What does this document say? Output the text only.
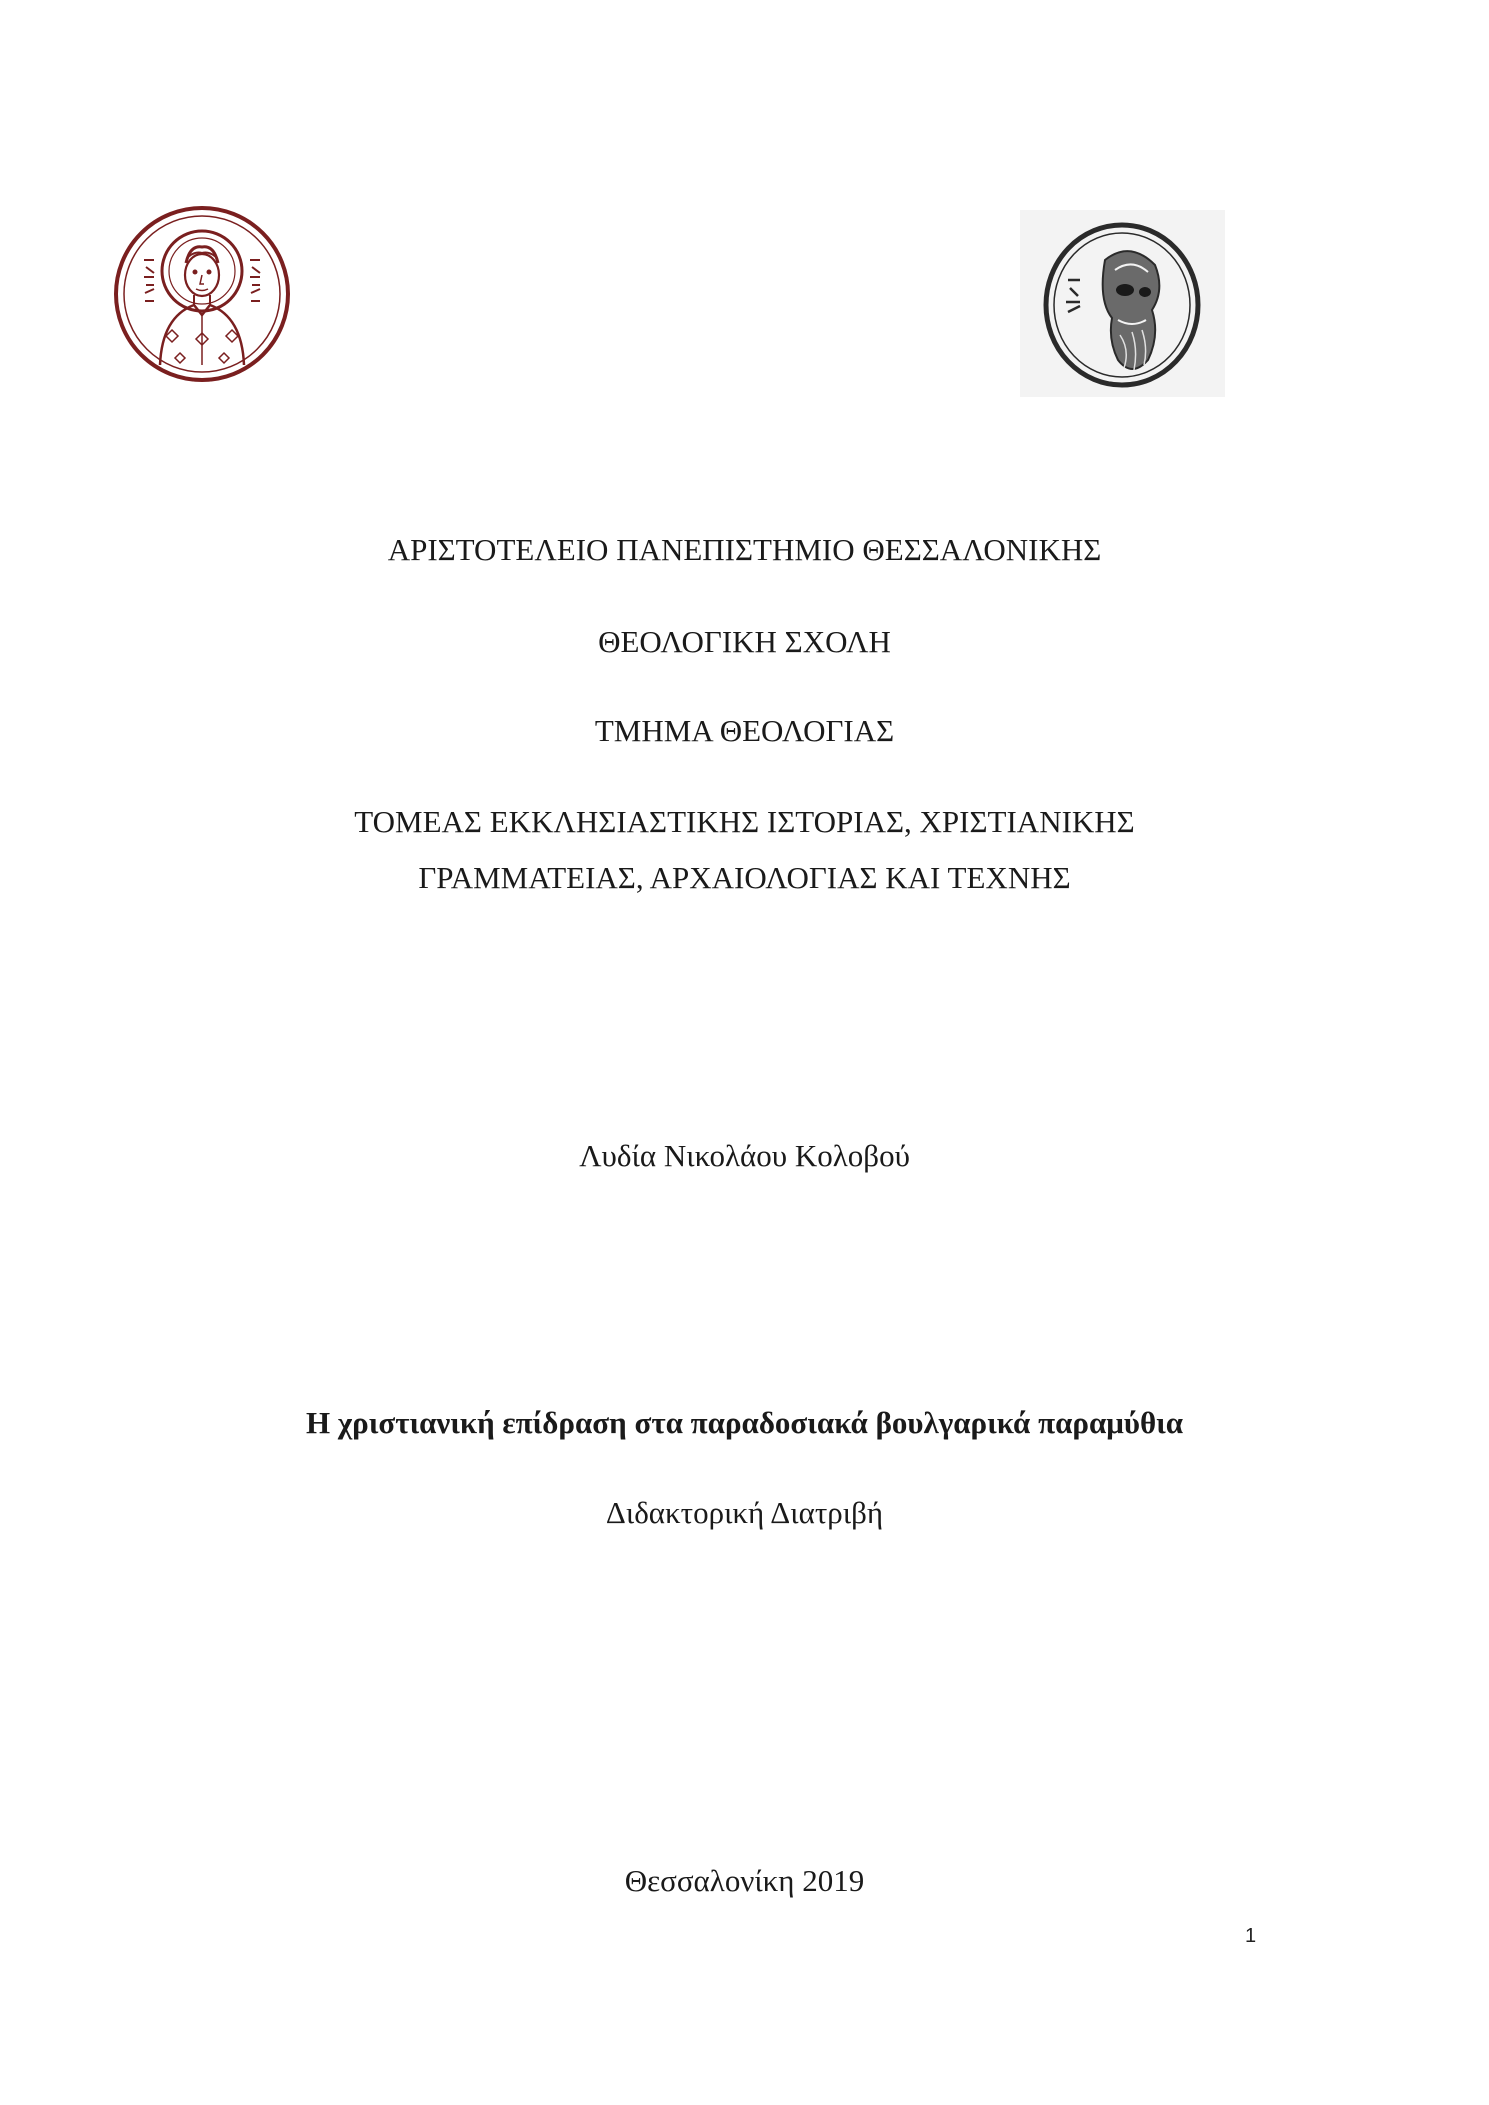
ΑΡΙΣΤΟΤΕΛΕΙΟ ΠΑΝΕΠΙΣΤΗΜΙΟ ΘΕΣΣΑΛΟΝΙΚΗΣ
ΘΕΟΛΟΓΙΚΗ ΣΧΟΛΗ
ΤΜΗΜΑ ΘΕΟΛΟΓΙΑΣ
ΤΟΜΕΑΣ ΕΚΚΛΗΣΙΑΣΤΙΚΗΣ ΙΣΤΟΡΙΑΣ, ΧΡΙΣΤΙΑΝΙΚΗΣ
ΓΡΑΜΜΑΤΕΙΑΣ, ΑΡΧΑΙΟΛΟΓΙΑΣ ΚΑΙ ΤΕΧΝΗΣ
Λυδία Νικολάου Κολοβού
Η χριστιανική επίδραση στα παραδοσιακά βουλγαρικά παραμύθια
Διδακτορική Διατριβή
Θεσσαλονίκη 2019
1
